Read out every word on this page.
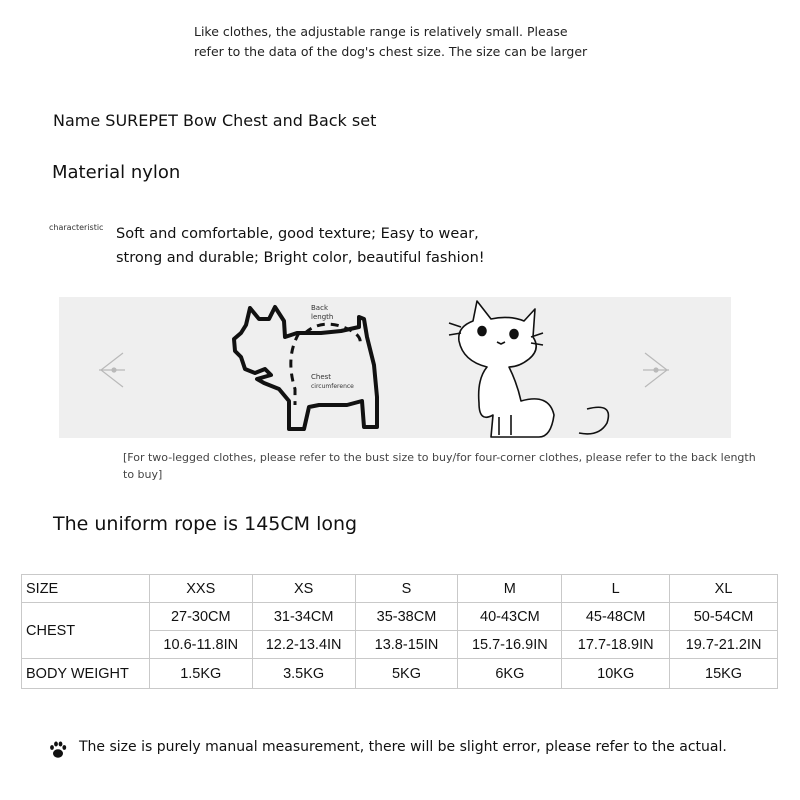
Like clothes, the adjustable range is relatively small. Please
refer to the data of the dog's chest size. The size can be larger
Name SUREPET Bow Chest and Back set
Material nylon
characteristic Soft and comfortable, good texture; Easy to wear,
strong and durable; Bright color, beautiful fashion!
Back
length
Chest
circumference
[For two-legged clothes, please refer to the bust size to buy/for four-corner clothes, please refer to the back length to buy]
The uniform rope is 145CM long
SIZE	XXS	XS	S	M	L	XL
CHEST	27-30CM	31-34CM	35-38CM	40-43CM	45-48CM	50-54CM
	10.6-11.8IN	12.2-13.4IN	13.8-15IN	15.7-16.9IN	17.7-18.9IN	19.7-21.2IN
BODY WEIGHT	1.5KG	3.5KG	5KG	6KG	10KG	15KG
The size is purely manual measurement, there will be slight error, please refer to the actual.
